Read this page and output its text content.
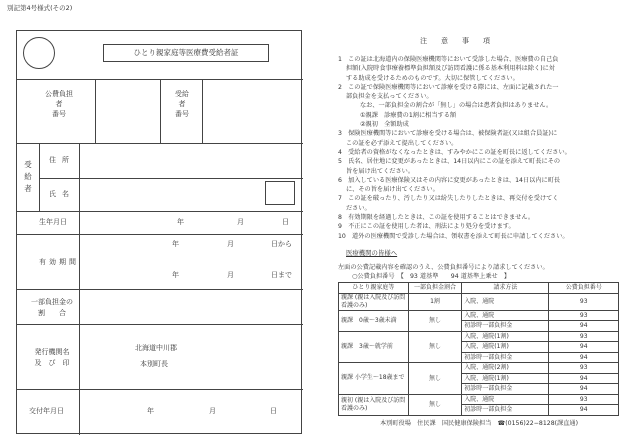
別記第4号様式(その2)
ひとり親家庭等医療費受給者証
公費負担
者
番号
受給
者
番号
受
給
者
住所
氏名
生年月日	年	月	日
有効期間
年	月	日から
年	月	日まで
一部負担金の
割　　合
発行機関名
及　び　印
北海道中川郡
本別町長
交付年月日	年	月	日
注　　意　　事　　項
1　この証は北海道内の保険医療機関等において受診した場合、医療費の自己負
担額(入院時食事療養標準負担額及び訪問看護に係る基本利用料は除く)に対
する助成を受けるためのものです。大切に保管してください。
2　この証で保険医療機関等において診療を受ける際には、左面に記載された一
部負担金を支払ってください。
なお、一部負担金の割合が「無し」の場合は患者負担はありません。
①親課　診療費の1割に相当する額
②親初　全額助成
3　保険医療機関等において診療を受ける場合は、被保険者証(又は組合員証)に
この証を必ず添えて提出してください。
4　受給者の資格がなくなったときは、すみやかにこの証を町長に返してください。
5　氏名、居住地に変更があったときは、14日以内にこの証を添えて町長にその
旨を届け出てください。
6　加入している医療保険又はその内容に変更があったときは、14日以内に町長
に、その旨を届け出てください。
7　この証を破ったり、汚したり又は紛失したりしたときは、再交付を受けてく
ださい。
8　有効期限を経過したときは、この証を使用することはできません。
9　不正にこの証を使用した者は、刑法により処分を受けます。
10　道外の医療機関で受診した場合は、領収書を添えて町長に申請してください。
医療機関の皆様へ
左面の公費記載内容を確認のうえ、公費負担番号により請求してください。
○公費負担番号　【　93 道基準　　94 道基準上乗せ　】
ひとり親家庭等	一部負担金割合	請求方法	公費負担番号
親課 (親は入院及び訪問看護のみ)	1割	入院、通院	93
親課　0歳〜3歳未満	無し	入院、通院	93
		初診時一部負担金	94
親課　3歳〜就学前	無し	入院、通院(1割)	93
		入院、通院(1割)	94
		初診時一部負担金	94
親課 小学生〜18歳まで	無し	入院、通院(2割)	93
		入院、通院(1割)	94
		初診時一部負担金	94
親初 (親は入院及び訪問看護のみ)	無し	入院、通院	93
		初診時一部負担金	94
本別町役場　住民課　国民健康保険担当　☎(0156)22−8128(課直通)
